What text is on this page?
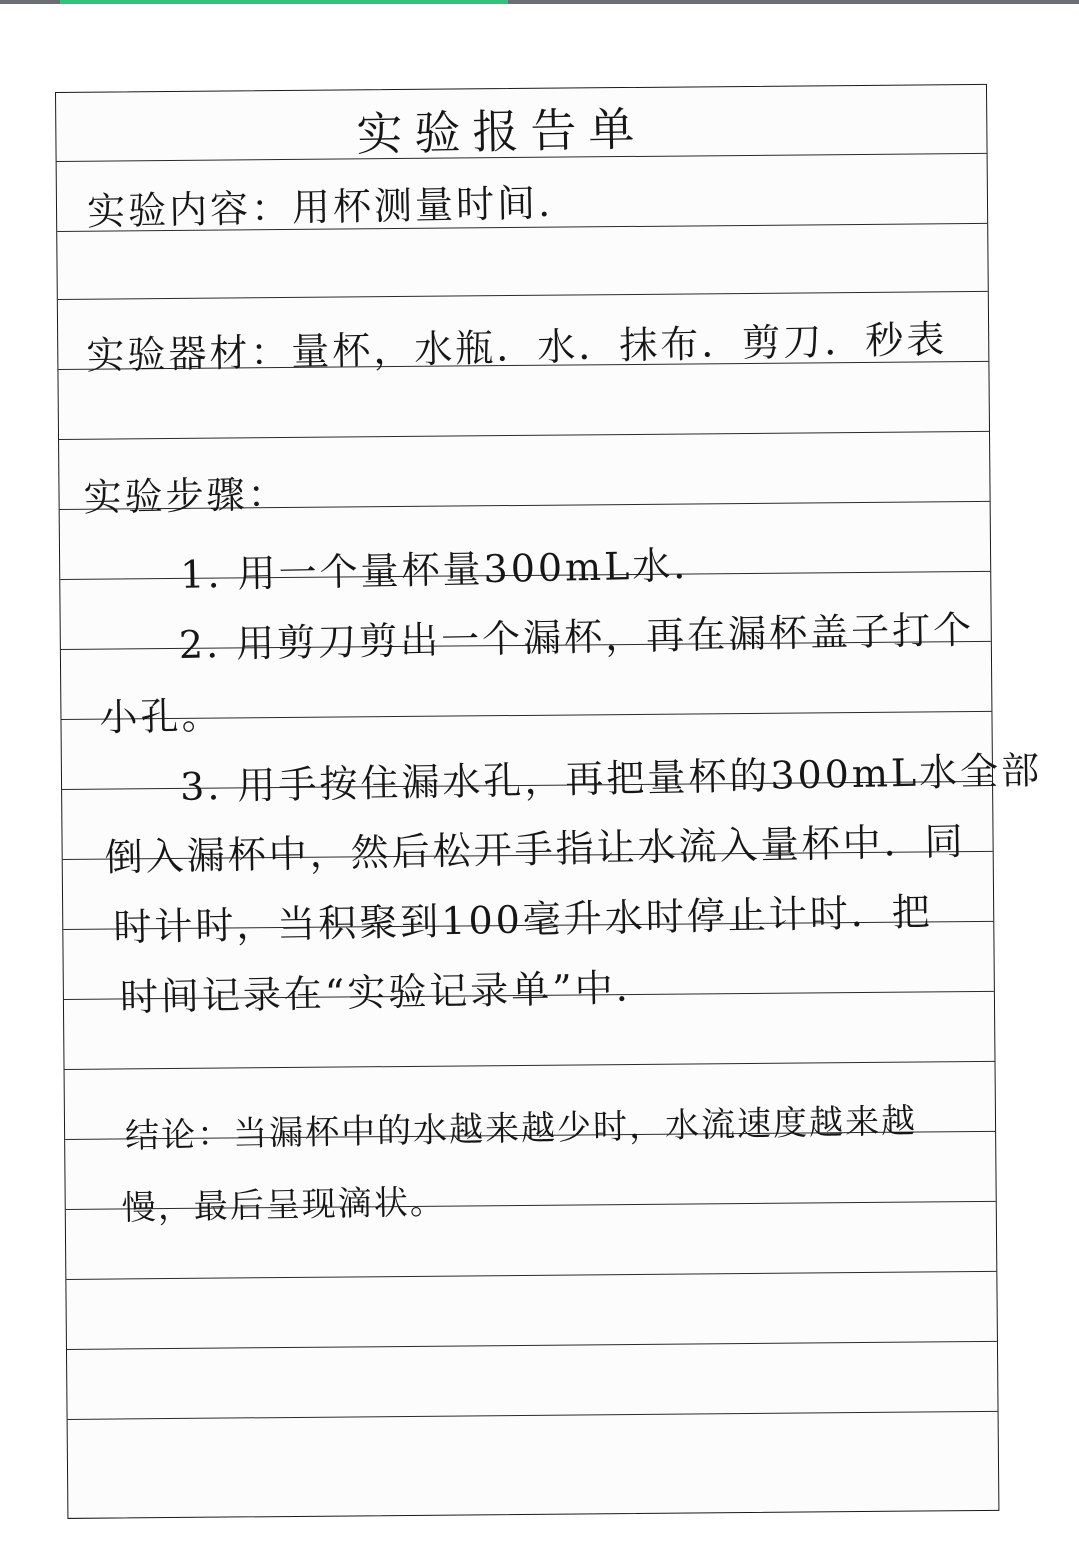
实验报告单
实验内容：用杯测量时间.
实验器材：量杯，水瓶．水．抹布．剪刀．秒表
实验步骤：
1. 用一个量杯量300mL水．
2. 用剪刀剪出一个漏杯，再在漏杯盖子打个
小孔。
3. 用手按住漏水孔，再把量杯的300mL水全部
倒入漏杯中，然后松开手指让水流入量杯中．同
时计时，当积聚到100毫升水时停止计时．把
时间记录在“实验记录单”中．
结论：当漏杯中的水越来越少时，水流速度越来越
慢，最后呈现滴状。
